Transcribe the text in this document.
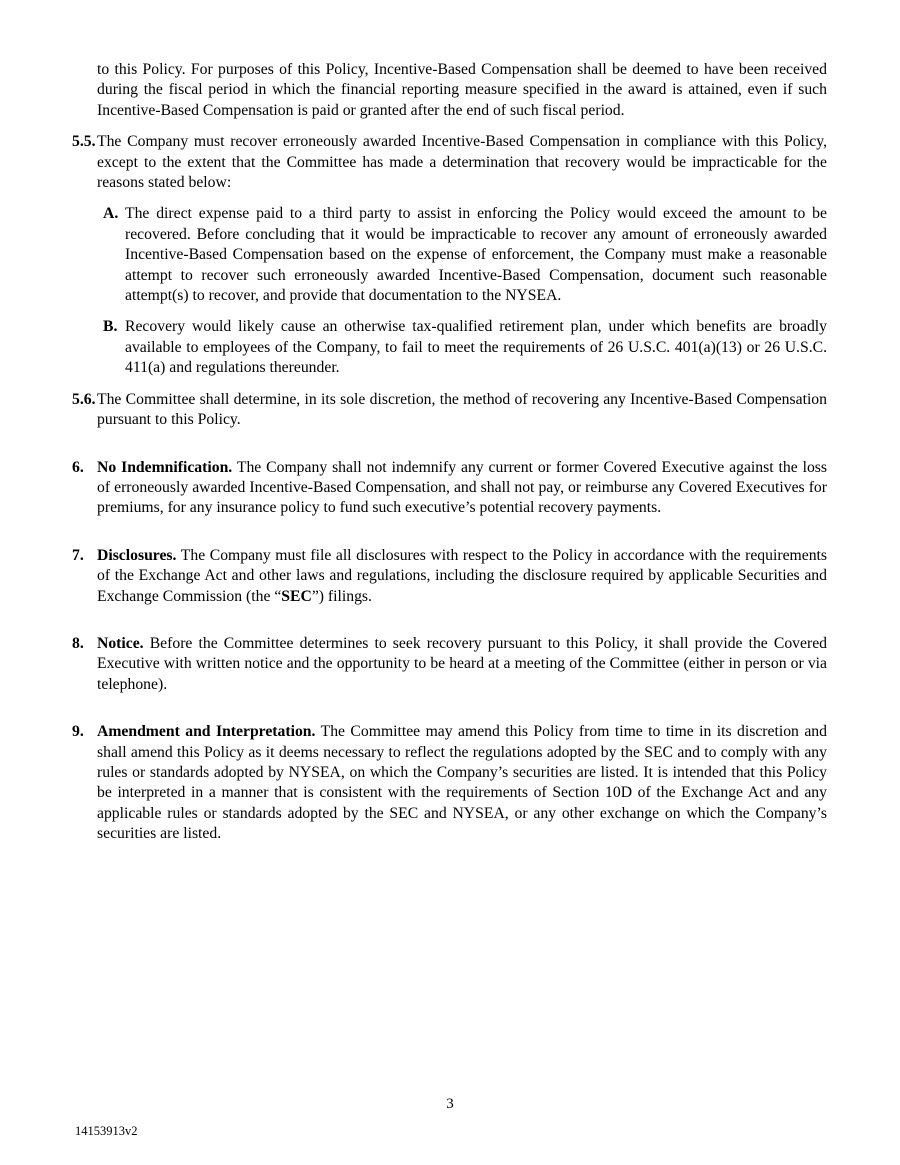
to this Policy. For purposes of this Policy, Incentive-Based Compensation shall be deemed to have been received during the fiscal period in which the financial reporting measure specified in the award is attained, even if such Incentive-Based Compensation is paid or granted after the end of such fiscal period.

5.5.The Company must recover erroneously awarded Incentive-Based Compensation in compliance with this Policy, except to the extent that the Committee has made a determination that recovery would be impracticable for the reasons stated below:

A. The direct expense paid to a third party to assist in enforcing the Policy would exceed the amount to be recovered. Before concluding that it would be impracticable to recover any amount of erroneously awarded Incentive-Based Compensation based on the expense of enforcement, the Company must make a reasonable attempt to recover such erroneously awarded Incentive-Based Compensation, document such reasonable attempt(s) to recover, and provide that documentation to the NYSEA.

B. Recovery would likely cause an otherwise tax-qualified retirement plan, under which benefits are broadly available to employees of the Company, to fail to meet the requirements of 26 U.S.C. 401(a)(13) or 26 U.S.C. 411(a) and regulations thereunder.

5.6.The Committee shall determine, in its sole discretion, the method of recovering any Incentive-Based Compensation pursuant to this Policy.

6. No Indemnification. The Company shall not indemnify any current or former Covered Executive against the loss of erroneously awarded Incentive-Based Compensation, and shall not pay, or reimburse any Covered Executives for premiums, for any insurance policy to fund such executive’s potential recovery payments.

7. Disclosures. The Company must file all disclosures with respect to the Policy in accordance with the requirements of the Exchange Act and other laws and regulations, including the disclosure required by applicable Securities and Exchange Commission (the “SEC”) filings.

8. Notice. Before the Committee determines to seek recovery pursuant to this Policy, it shall provide the Covered Executive with written notice and the opportunity to be heard at a meeting of the Committee (either in person or via telephone).

9. Amendment and Interpretation. The Committee may amend this Policy from time to time in its discretion and shall amend this Policy as it deems necessary to reflect the regulations adopted by the SEC and to comply with any rules or standards adopted by NYSEA, on which the Company’s securities are listed. It is intended that this Policy be interpreted in a manner that is consistent with the requirements of Section 10D of the Exchange Act and any applicable rules or standards adopted by the SEC and NYSEA, or any other exchange on which the Company’s securities are listed.

3
14153913v2
